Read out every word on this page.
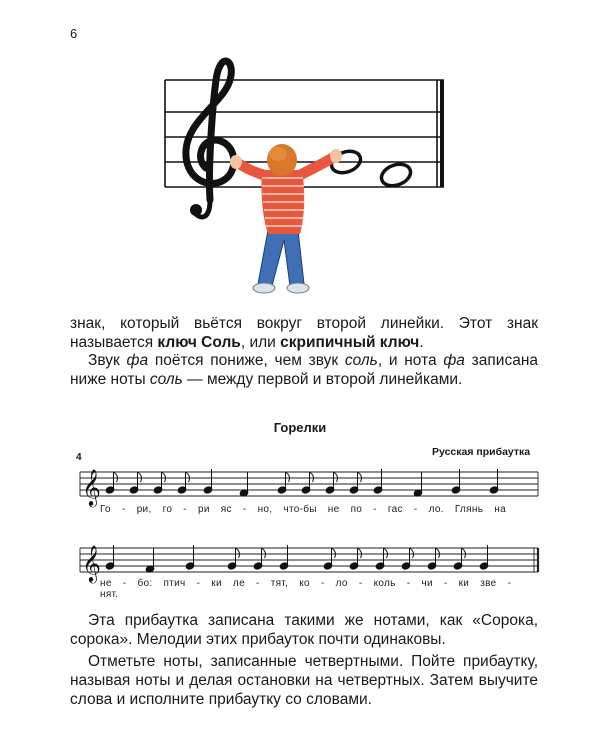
6

знак, который вьётся вокруг второй линейки. Этот знак называется ключ Соль, или скрипичный ключ.

Звук фа поётся пониже, чем звук соль, и нота фа записана ниже ноты соль — между первой и второй линейками.

Горелки
4	Русская прибаутка
𝄞
𝄞
Го - ри, го - ри яс - но, что-бы не по - гас - ло. Глянь на
не - бо: птич - ки ле - тят, ко - ло - коль - чи - ки зве - нят.

Эта прибаутка записана такими же нотами, как «Сорока, сорока». Мелодии этих прибауток почти одинаковы.

Отметьте ноты, записанные четвертными. Пойте прибаутку, называя ноты и делая остановки на четвертных. Затем выучите слова и исполните прибаутку со словами.
